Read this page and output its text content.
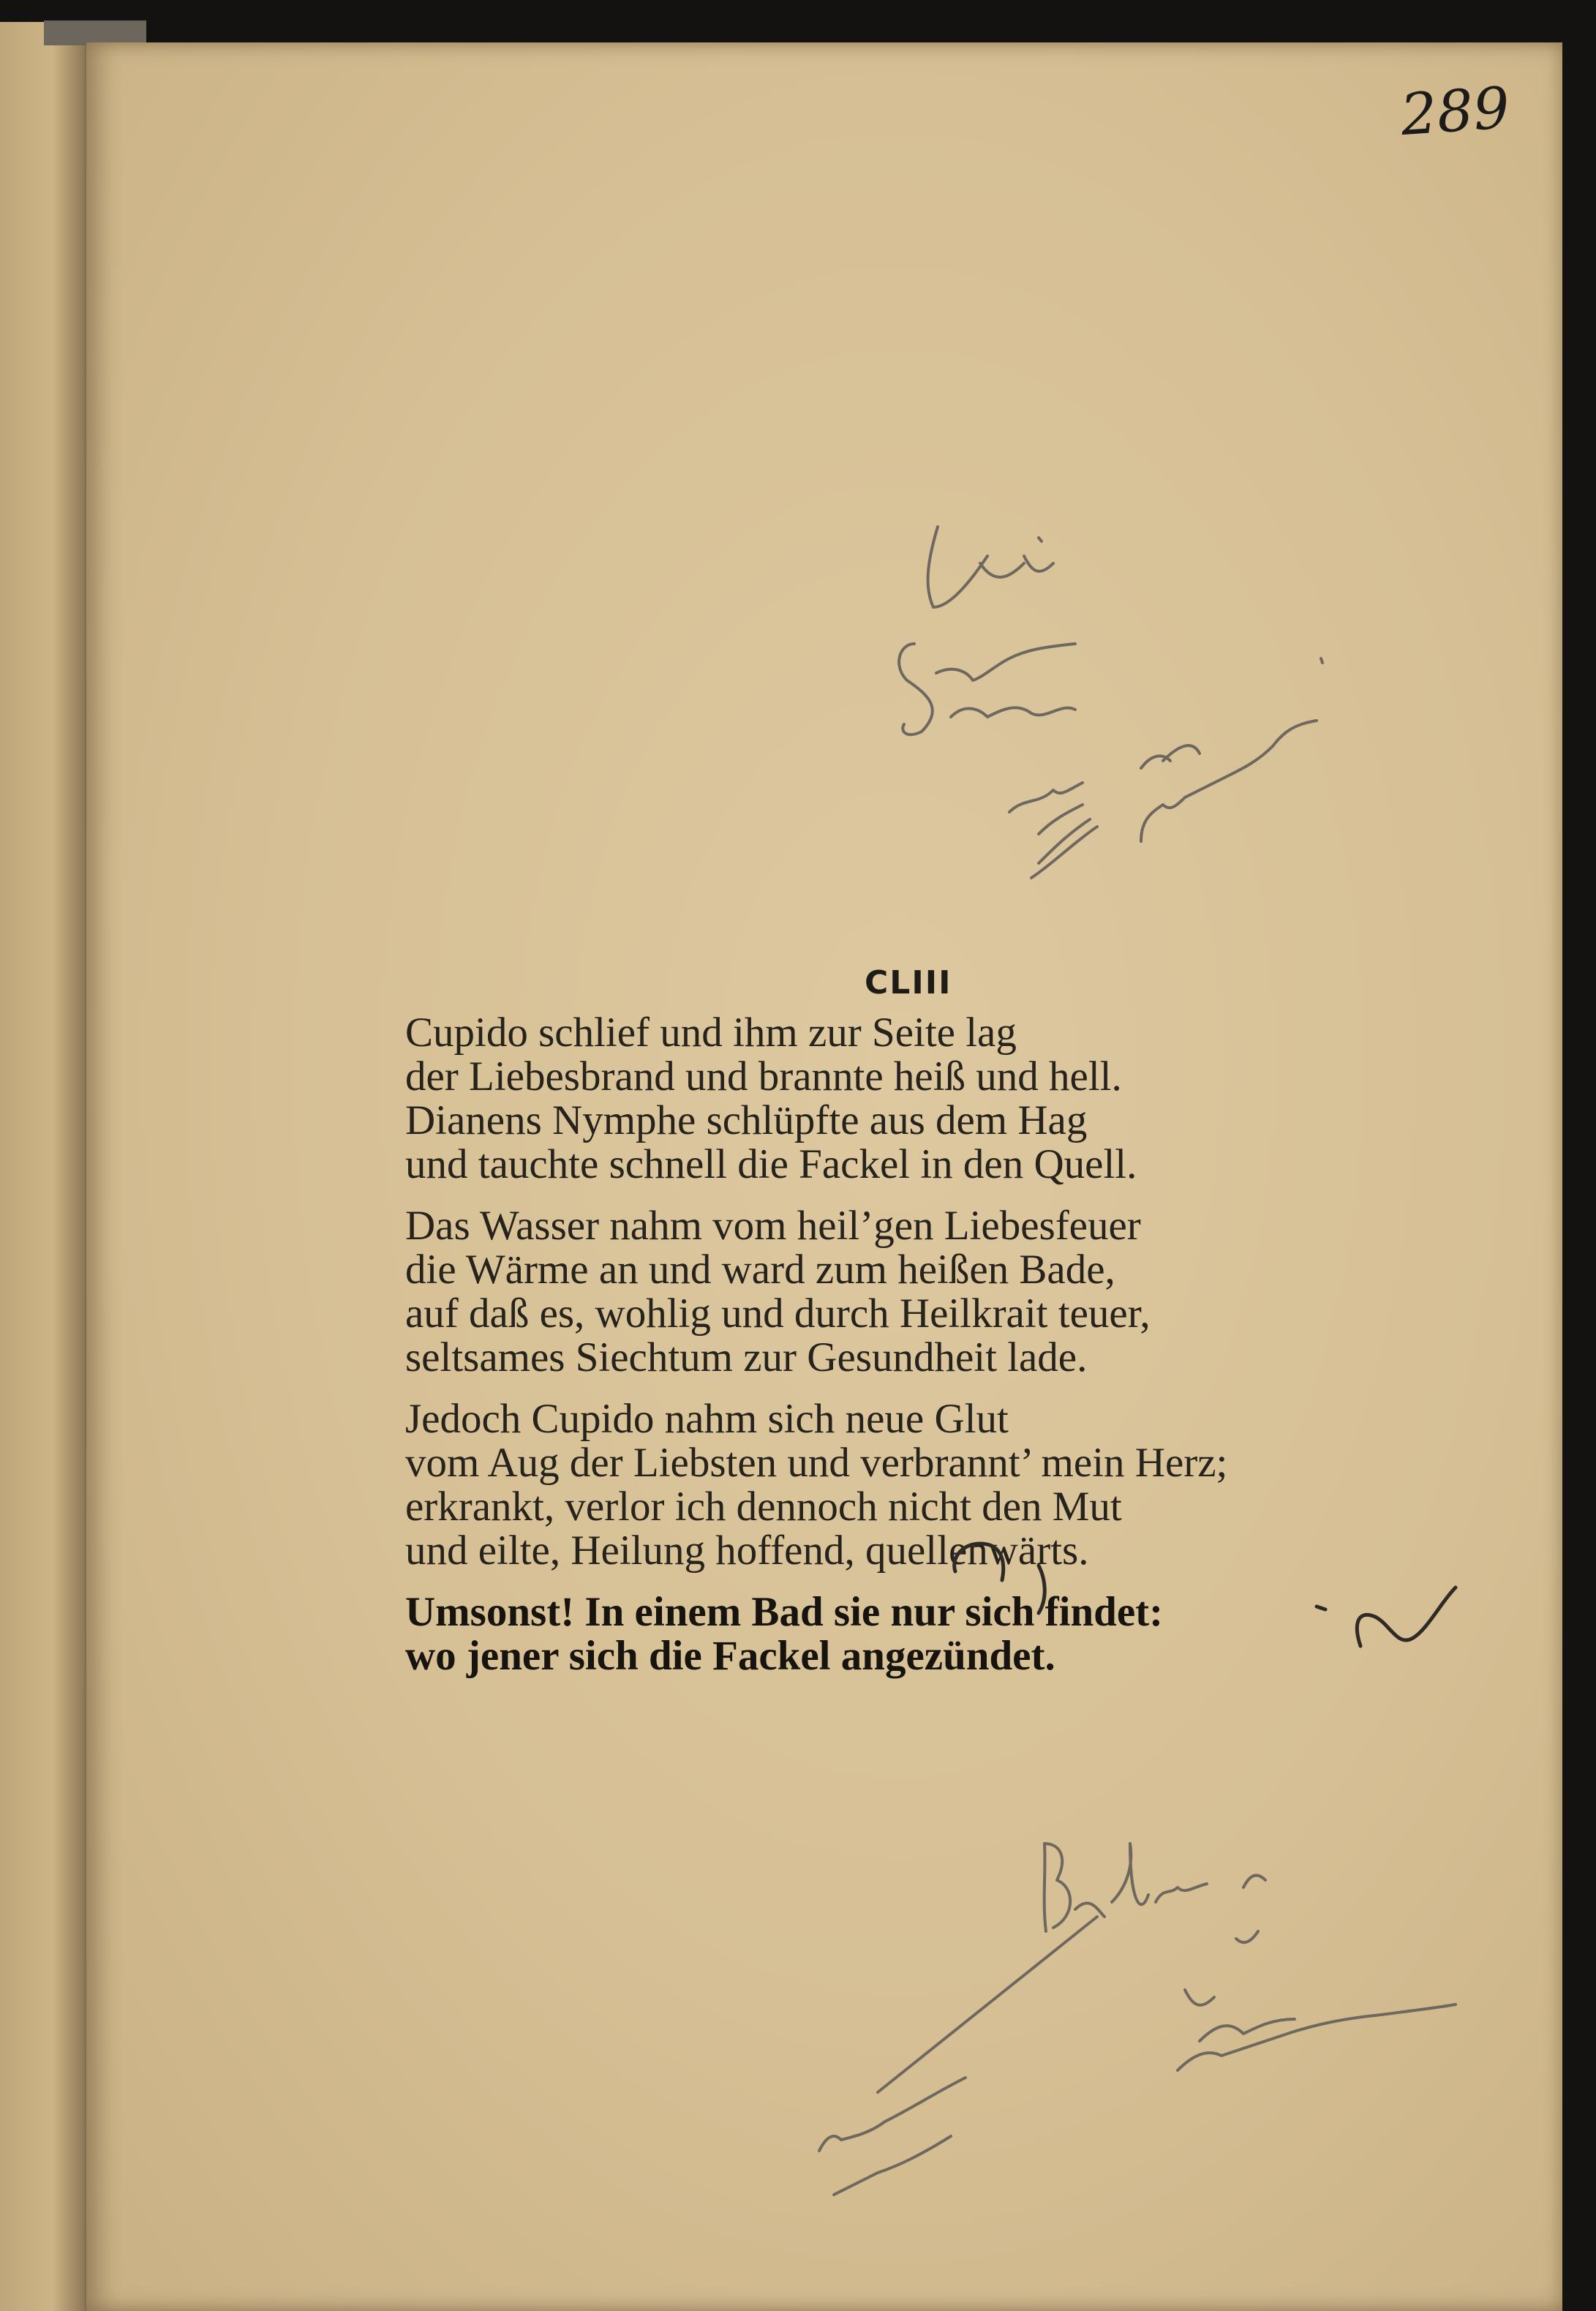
289
CLIII
Cupido schlief und ihm zur Seite lag
der Liebesbrand und brannte heiß und hell.
Dianens Nymphe schlüpfte aus dem Hag
und tauchte schnell die Fackel in den Quell.
Das Wasser nahm vom heil’gen Liebesfeuer
die Wärme an und ward zum heißen Bade,
auf daß es, wohlig und durch Heilkrait teuer,
seltsames Siechtum zur Gesundheit lade.
Jedoch Cupido nahm sich neue Glut
vom Aug der Liebsten und verbrannt’ mein Herz;
erkrankt, verlor ich dennoch nicht den Mut
und eilte, Heilung hoffend, quellenwärts.
Umsonst! In einem Bad sie nur sich findet:
wo jener sich die Fackel angezündet.
